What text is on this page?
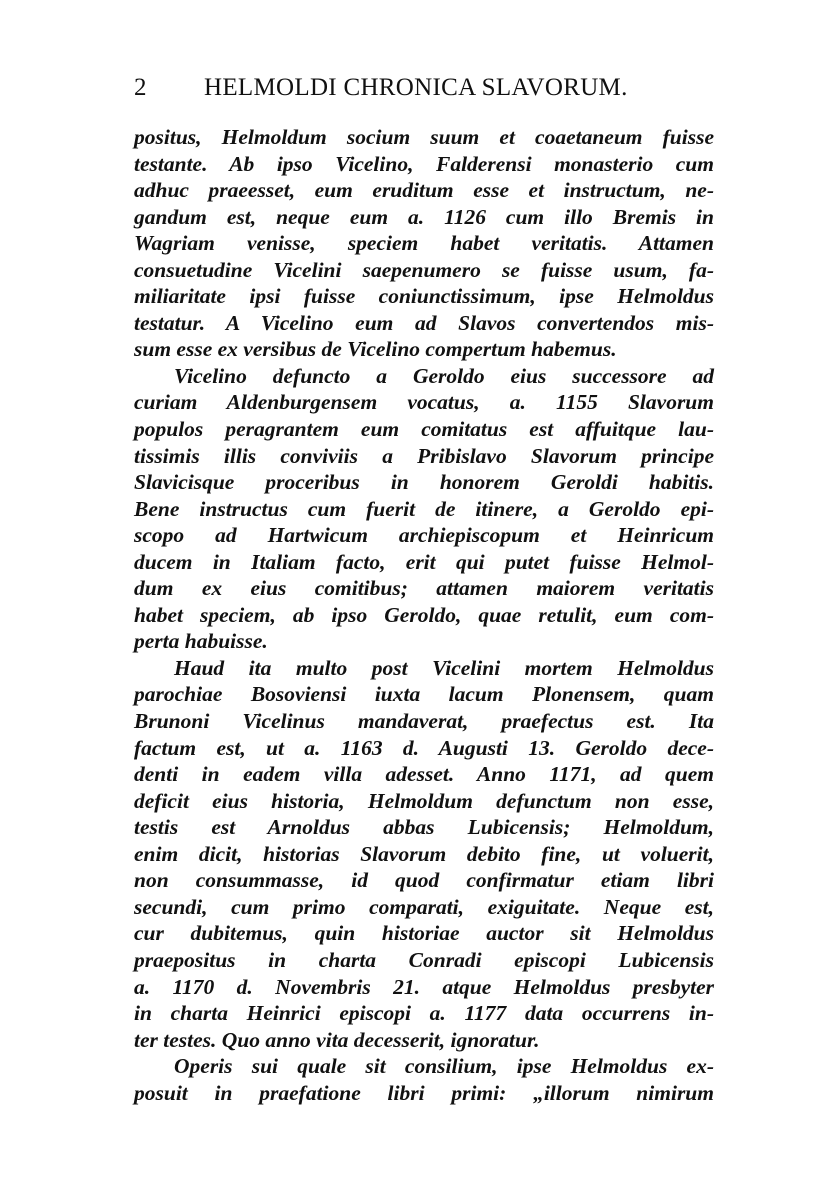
2 HELMOLDI CHRONICA SLAVORUM.
positus, Helmoldum socium suum et coaetaneum fuisse
testante. Ab ipso Vicelino, Falderensi monasterio cum
adhuc praeesset, eum eruditum esse et instructum, ne-
gandum est, neque eum a. 1126 cum illo Bremis in
Wagriam venisse, speciem habet veritatis. Attamen
consuetudine Vicelini saepenumero se fuisse usum, fa-
miliaritate ipsi fuisse coniunctissimum, ipse Helmoldus
testatur. A Vicelino eum ad Slavos convertendos mis-
sum esse ex versibus de Vicelino compertum habemus.
Vicelino defuncto a Geroldo eius successore ad
curiam Aldenburgensem vocatus, a. 1155 Slavorum
populos peragrantem eum comitatus est affuitque lau-
tissimis illis conviviis a Pribislavo Slavorum principe
Slavicisque proceribus in honorem Geroldi habitis.
Bene instructus cum fuerit de itinere, a Geroldo epi-
scopo ad Hartwicum archiepiscopum et Heinricum
ducem in Italiam facto, erit qui putet fuisse Helmol-
dum ex eius comitibus; attamen maiorem veritatis
habet speciem, ab ipso Geroldo, quae retulit, eum com-
perta habuisse.
Haud ita multo post Vicelini mortem Helmoldus
parochiae Bosoviensi iuxta lacum Plonensem, quam
Brunoni Vicelinus mandaverat, praefectus est. Ita
factum est, ut a. 1163 d. Augusti 13. Geroldo dece-
denti in eadem villa adesset. Anno 1171, ad quem
deficit eius historia, Helmoldum defunctum non esse,
testis est Arnoldus abbas Lubicensis; Helmoldum,
enim dicit, historias Slavorum debito fine, ut voluerit,
non consummasse, id quod confirmatur etiam libri
secundi, cum primo comparati, exiguitate. Neque est,
cur dubitemus, quin historiae auctor sit Helmoldus
praepositus in charta Conradi episcopi Lubicensis
a. 1170 d. Novembris 21. atque Helmoldus presbyter
in charta Heinrici episcopi a. 1177 data occurrens in-
ter testes. Quo anno vita decesserit, ignoratur.
Operis sui quale sit consilium, ipse Helmoldus ex-
posuit in praefatione libri primi: „illorum nimirum
